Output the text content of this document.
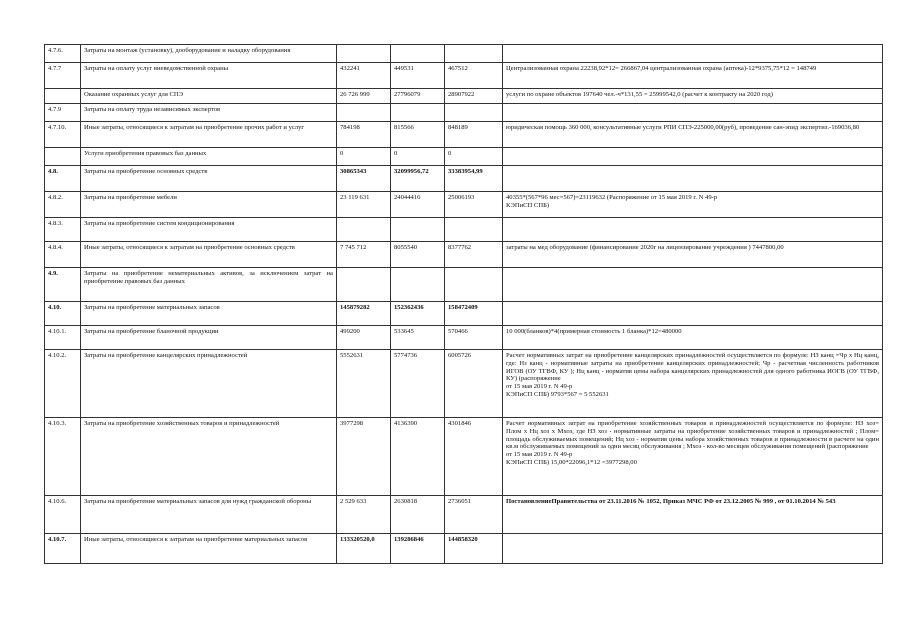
4.7.6.	Затраты на монтаж (установку), дооборудование и наладку оборудования				
4.7.7	Затраты на оплату услуг вневедомственной охраны	432241	449531	467512	Централизованная охрана 22238,92*12= 266867,04 централизованная охрана (аптека)-12*9375,75*12 = 148749
	Оказание охранных услуг для СПЭ	26 726 999	27796079	28907922	услуги по охране объектов 197640 чел.-ч*131,55 = 25999542,0 (расчет к контракту на 2020 год)
4.7.9	Затраты на оплату труда независимых экспертов				
4.7.10.	Иные затраты, относящиеся к затратам на приобретение прочих работ и услуг	784198	815566	848189	юридическая помощь 360 000, консультативные услуги РПИ СПЭ-225000,00(руб), проведение сан-эпид экспертиз.-169036,80
	Услуги приобретения правовых баз данных	0	0	0	
4.8.	Затраты на приобретение основных средств	30865343	32099956,72	33383954,99	
4.8.2.	Затраты на приобретение мебели	23 119 631	24044416	25006193	40355*(567*96 мес=567)=23119632 (Распоряжение от 15 мая 2019 г. N 49-р
КЭПиСП СПБ)
4.8.3.	Затраты на приобретение систем кондиционирования				
4.8.4.	Иные затраты, относящиеся к затратам на приобретение основных средств	7 745 712	8055540	8377762	затраты на мед оборудование (финансирование 2020г на лицензирование учреждения ) 7447800,00
4.9.	Затраты на приобретение нематериальных активов, за исключением затрат на приобретение правовых баз данных				
4.10.	Затраты на приобретение материальных запасов	145879282	152362436	158472409	
4.10.1.	Затраты на приобретение бланочной продукции	499200	533645	570466	10 000(бланков)*4(примерная стоимость 1 бланка)*12=480000
4.10.2.	Затраты на приобретение канцелярских принадлежностей	5552631	5774736	6005726	Расчет нормативных затрат на приобретение канцелярских принадлежностей осуществляется по формуле: НЗ канц =Чр х Нц канц, где: Нз канц - нормативные затраты на приобретение канцелярских принадлежностей; Чр - расчетная численность работников ИГОВ (ОУ ТГВФ, КУ ); Нц канц - норматив цены набора канцелярских принадлежностей для одного работника ИОГВ (ОУ ТГВФ, КУ) (распоряжение
от 15 мая 2019 г. N 49-р
КЭПиСП СПБ) 9793*567 = 5 552631
4.10.3.	Затраты на приобретение хозяйственных товаров и принадлежностей	3977298	4136390	4301846	Расчет нормативных затрат на приобретение хозяйственных товаров и принадлежностей осуществляется по формуле: НЗ хоз= Плом х Нц хоз х Мхоз, где НЗ хоз - нормативные затраты на приобретение хозяйственных товаров и принадлежностей ; Плом= площадь обслуживаемых помещений; Нц хоз - норматив цены набора хозяйственных товаров и принадлежности в расчете на один кв.м обслуживаемых помещений за одни месяц обслуживания ; Мхоз - кол-во месяцев обслуживания помещений (распоряжение
от 15 мая 2019 г. N 49-р
КЭПиСП СПБ) 15,00*22096,1*12 =3977298,00
4.10.6.	Затраты на приобретение материальных запасов для нужд гражданской обороны	2 529 633	2630818	2736051	ПостановлениеПравительства от 23.11.2016 № 1052, Приказ МЧС РФ от 23.12.2005 № 999 , от 01.10.2014 № 543
4.10.7.	Иные затраты, относящиеся к затратам на приобретение материальных запасов	133320520,0	139286846	144858320	
